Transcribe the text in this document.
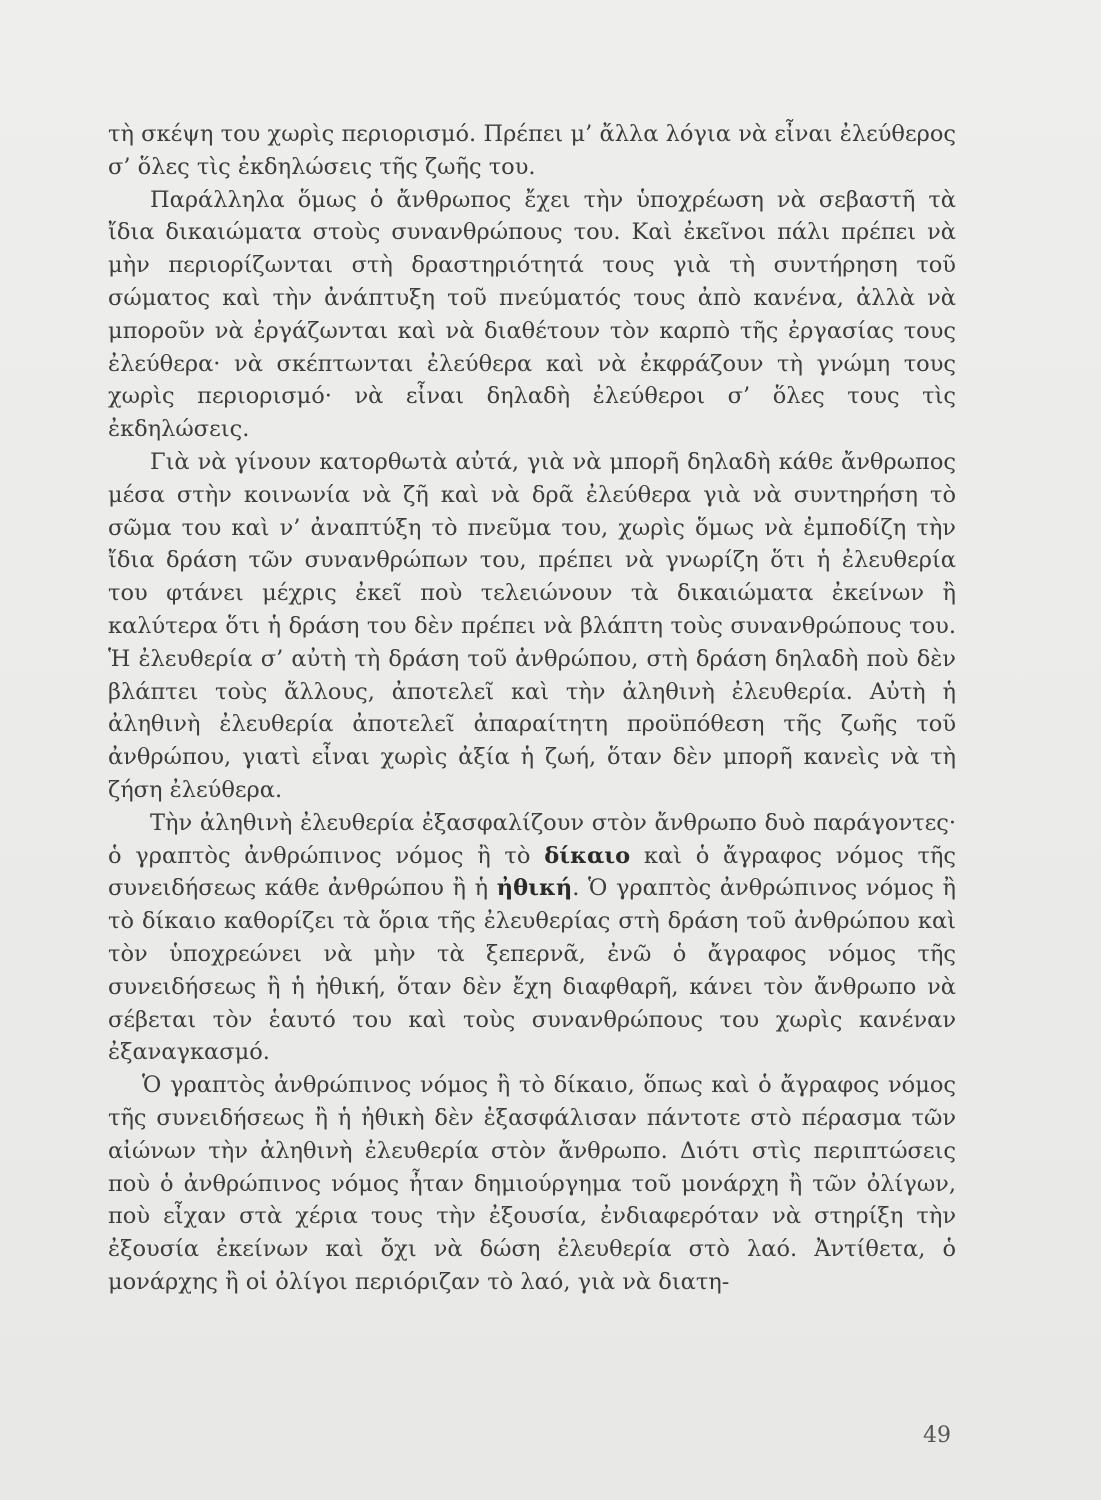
τὴ σκέψη του χωρὶς περιορισμό. Πρέπει μ’ ἄλλα λόγια νὰ εἶναι ἐλεύθερος σ’ ὅλες τὶς ἐκδηλώσεις τῆς ζωῆς του.

Παράλληλα ὅμως ὁ ἄνθρωπος ἔχει τὴν ὑποχρέωση νὰ σεβαστῆ τὰ ἴδια δικαιώματα στοὺς συνανθρώπους του. Καὶ ἐκεῖνοι πάλι πρέπει νὰ μὴν περιορίζωνται στὴ δραστηριότητά τους γιὰ τὴ συντήρηση τοῦ σώματος καὶ τὴν ἀνάπτυξη τοῦ πνεύματός τους ἀπὸ κανένα, ἀλλὰ νὰ μποροῦν νὰ ἐργάζωνται καὶ νὰ διαθέτουν τὸν καρπὸ τῆς ἐργασίας τους ἐλεύθερα· νὰ σκέπτωνται ἐλεύθερα καὶ νὰ ἐκφράζουν τὴ γνώμη τους χωρὶς περιορισμό· νὰ εἶναι δηλαδὴ ἐλεύθεροι σ’ ὅλες τους τὶς ἐκδηλώσεις.

Γιὰ νὰ γίνουν κατορθωτὰ αὐτά, γιὰ νὰ μπορῆ δηλαδὴ κάθε ἄνθρωπος μέσα στὴν κοινωνία νὰ ζῆ καὶ νὰ δρᾶ ἐλεύθερα γιὰ νὰ συντηρήση τὸ σῶμα του καὶ ν’ ἀναπτύξη τὸ πνεῦμα του, χωρὶς ὅμως νὰ ἐμποδίζη τὴν ἴδια δράση τῶν συνανθρώπων του, πρέπει νὰ γνωρίζη ὅτι ἡ ἐλευθερία του φτάνει μέχρις ἐκεῖ ποὺ τελειώνουν τὰ δικαιώματα ἐκείνων ἢ καλύτερα ὅτι ἡ δράση του δὲν πρέπει νὰ βλάπτη τοὺς συνανθρώπους του. Ἡ ἐλευθερία σ’ αὐτὴ τὴ δράση τοῦ ἀνθρώπου, στὴ δράση δηλαδὴ ποὺ δὲν βλάπτει τοὺς ἄλλους, ἀποτελεῖ καὶ τὴν ἀληθινὴ ἐλευθερία. Αὐτὴ ἡ ἀληθινὴ ἐλευθερία ἀποτελεῖ ἀπαραίτητη προϋπόθεση τῆς ζωῆς τοῦ ἀνθρώπου, γιατὶ εἶναι χωρὶς ἀξία ἡ ζωή, ὅταν δὲν μπορῆ κανεὶς νὰ τὴ ζήση ἐλεύθερα.

Τὴν ἀληθινὴ ἐλευθερία ἐξασφαλίζουν στὸν ἄνθρωπο δυὸ παράγοντες· ὁ γραπτὸς ἀνθρώπινος νόμος ἢ τὸ δίκαιο καὶ ὁ ἄγραφος νόμος τῆς συνειδήσεως κάθε ἀνθρώπου ἢ ἡ ἠθική. Ὁ γραπτὸς ἀνθρώπινος νόμος ἢ τὸ δίκαιο καθορίζει τὰ ὅρια τῆς ἐλευθερίας στὴ δράση τοῦ ἀνθρώπου καὶ τὸν ὑποχρεώνει νὰ μὴν τὰ ξεπερνᾶ, ἐνῶ ὁ ἄγραφος νόμος τῆς συνειδήσεως ἢ ἡ ἠθική, ὅταν δὲν ἔχη διαφθαρῆ, κάνει τὸν ἄνθρωπο νὰ σέβεται τὸν ἑαυτό του καὶ τοὺς συνανθρώπους του χωρὶς κανέναν ἐξαναγκασμό.

Ὁ γραπτὸς ἀνθρώπινος νόμος ἢ τὸ δίκαιο, ὅπως καὶ ὁ ἄγραφος νόμος τῆς συνειδήσεως ἢ ἡ ἠθικὴ δὲν ἐξασφάλισαν πάντοτε στὸ πέρασμα τῶν αἰώνων τὴν ἀληθινὴ ἐλευθερία στὸν ἄνθρωπο. Διότι στὶς περιπτώσεις ποὺ ὁ ἀνθρώπινος νόμος ἦταν δημιούργημα τοῦ μονάρχη ἢ τῶν ὀλίγων, ποὺ εἶχαν στὰ χέρια τους τὴν ἐξουσία, ἐνδιαφερόταν νὰ στηρίξη τὴν ἐξουσία ἐκείνων καὶ ὄχι νὰ δώση ἐλευθερία στὸ λαό. Ἀντίθετα, ὁ μονάρχης ἢ οἱ ὀλίγοι περιόριζαν τὸ λαό, γιὰ νὰ διατη-

49
